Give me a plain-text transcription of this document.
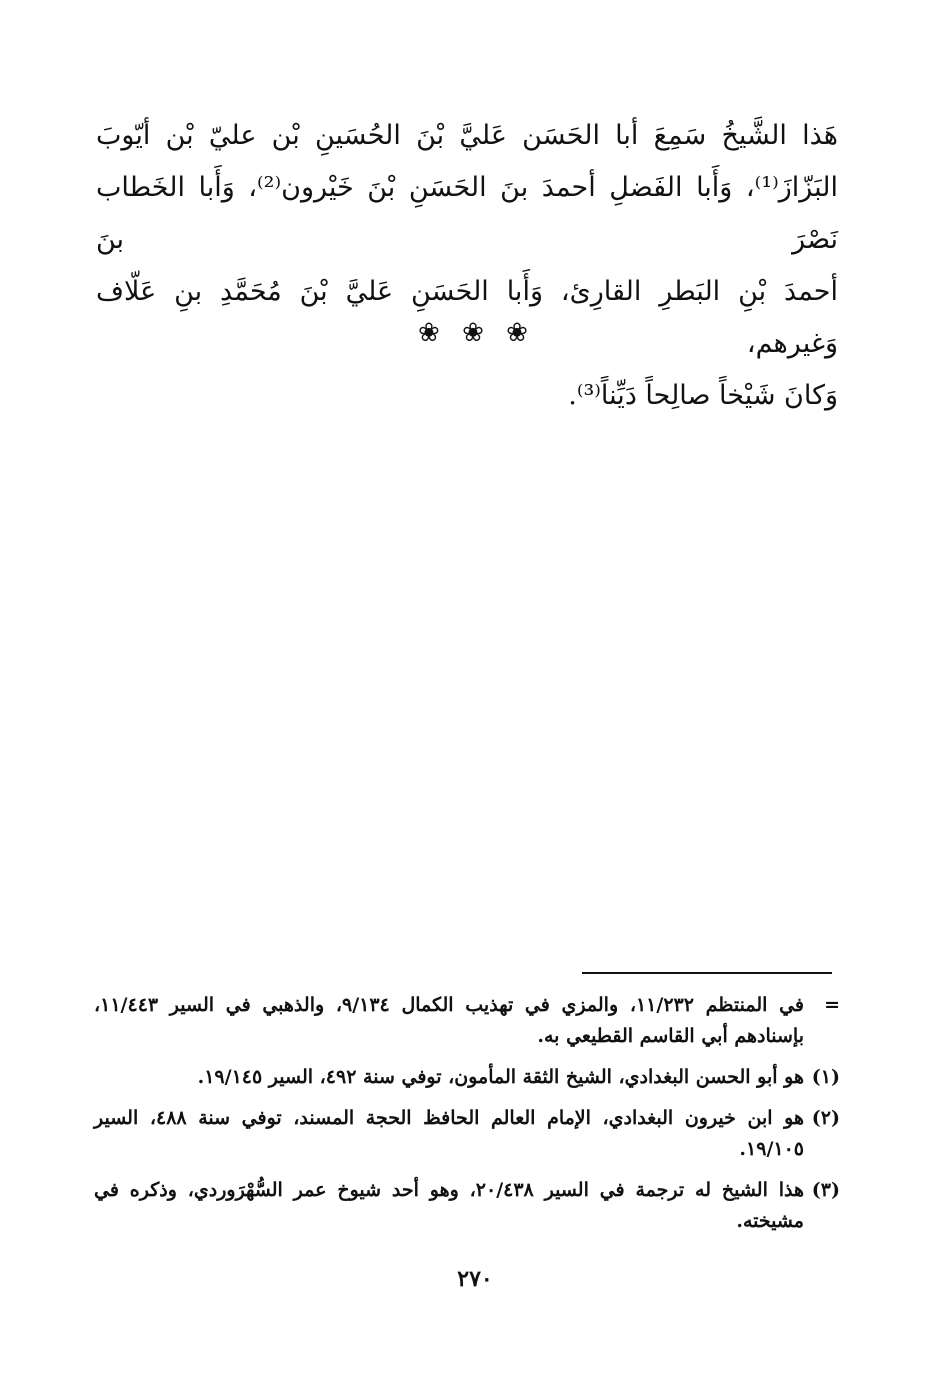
هَذا الشَّيخُ سَمِعَ أبا الحَسَن عَليَّ بْنَ الحُسَينِ بْن عليّ بْن أيّوبَ
البَزّازَ⁽¹⁾، وَأَبا الفَضلِ أحمدَ بنَ الحَسَنِ بْنَ خَيْرون⁽²⁾، وَأَبا الخَطاب نَصْرَ بنَ
أحمدَ بْنِ البَطرِ القارِئ، وَأَبا الحَسَنِ عَليَّ بْنَ مُحَمَّدِ بنِ عَلّاف وَغيرهم،
وَكانَ شَيْخاً صالِحاً دَيِّناً⁽³⁾.
❀ ❀ ❀
=
في المنتظم ١١/٢٣٢، والمزي في تهذيب الكمال ٩/١٣٤، والذهبي في السير ١١/٤٤٣، بإسنادهم أبي القاسم القطيعي به.
(١)
هو أبو الحسن البغدادي، الشيخ الثقة المأمون، توفي سنة ٤٩٢، السير ١٩/١٤٥.
(٢)
هو ابن خيرون البغدادي، الإمام العالم الحافظ الحجة المسند، توفي سنة ٤٨٨، السير ١٩/١٠٥.
(٣)
هذا الشيخ له ترجمة في السير ٢٠/٤٣٨، وهو أحد شيوخ عمر السُّهْرَوردي، وذكره في مشيخته.
٢٧٠
